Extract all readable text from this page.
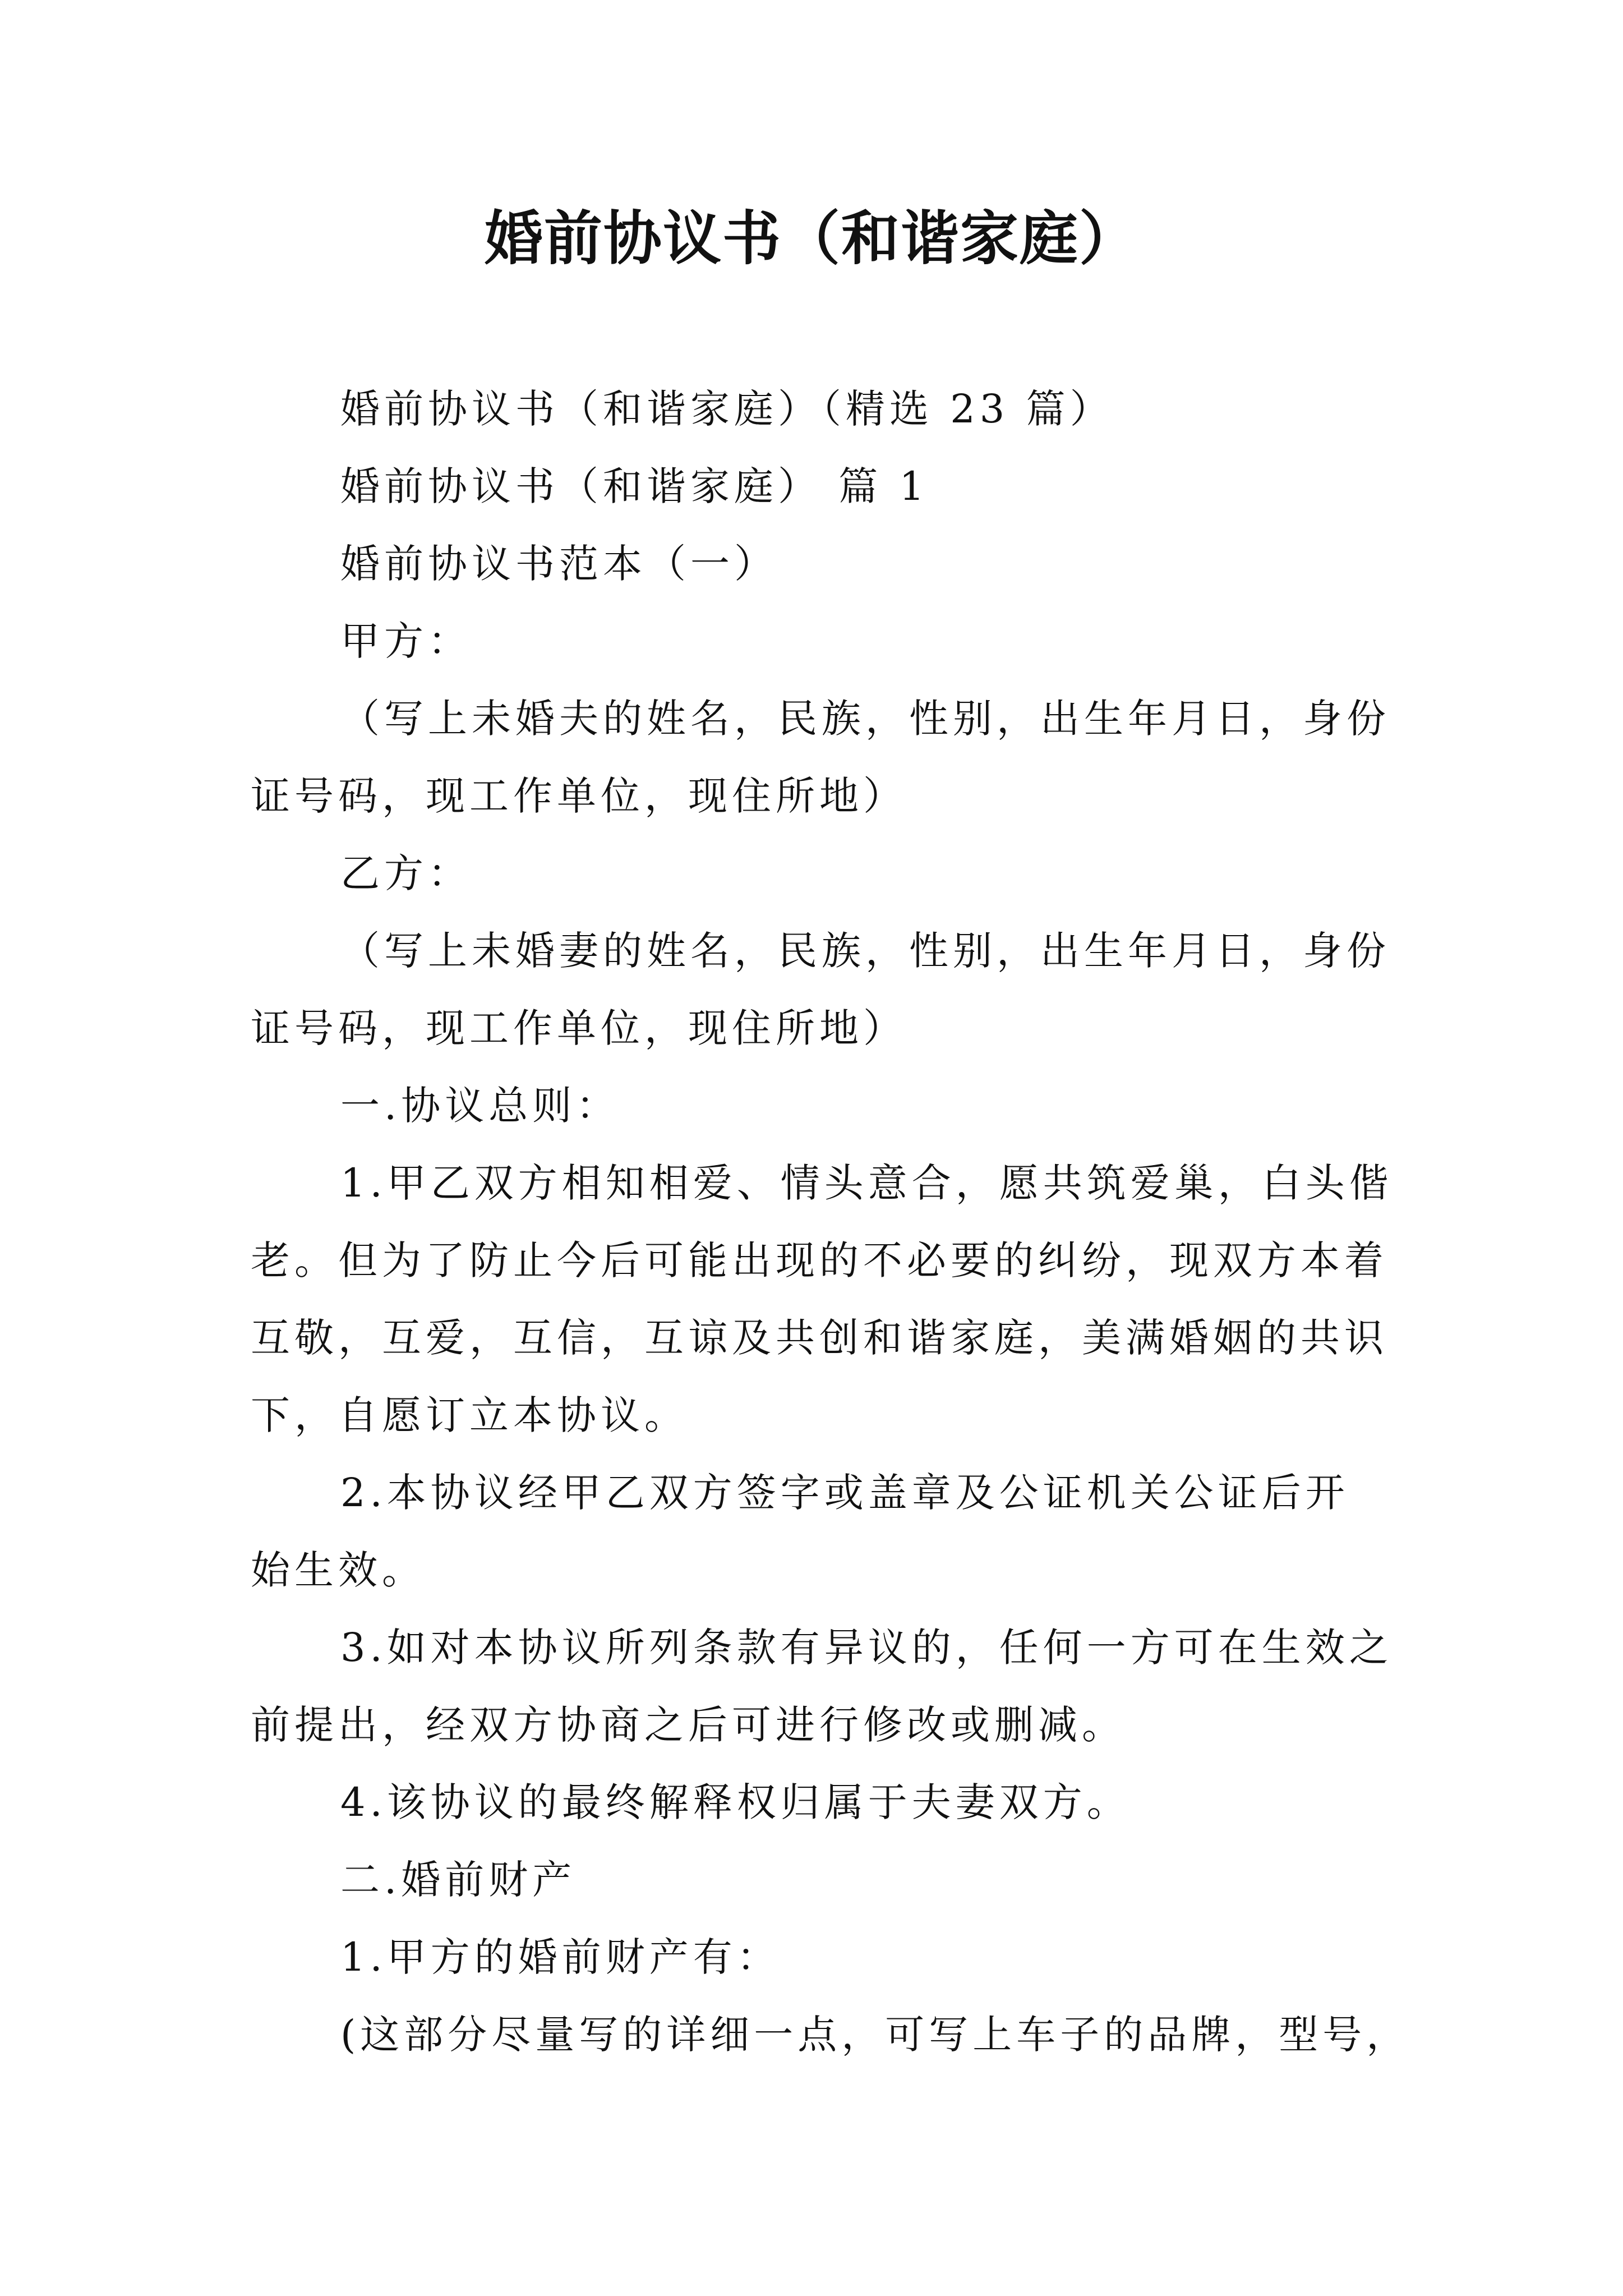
婚前协议书（和谐家庭）
婚前协议书（和谐家庭）（精选 23 篇）
婚前协议书（和谐家庭） 篇 1
婚前协议书范本（一）
甲方：
（写上未婚夫的姓名，民族，性别，出生年月日，身份
证号码，现工作单位，现住所地）
乙方：
（写上未婚妻的姓名，民族，性别，出生年月日，身份
证号码，现工作单位，现住所地）
一.协议总则：
1.甲乙双方相知相爱、情头意合，愿共筑爱巢，白头偕
老。但为了防止今后可能出现的不必要的纠纷，现双方本着
互敬，互爱，互信，互谅及共创和谐家庭，美满婚姻的共识
下，自愿订立本协议。
2.本协议经甲乙双方签字或盖章及公证机关公证后开
始生效。
3.如对本协议所列条款有异议的，任何一方可在生效之
前提出，经双方协商之后可进行修改或删减。
4.该协议的最终解释权归属于夫妻双方。
二.婚前财产
1.甲方的婚前财产有：
(这部分尽量写的详细一点，可写上车子的品牌，型号，
